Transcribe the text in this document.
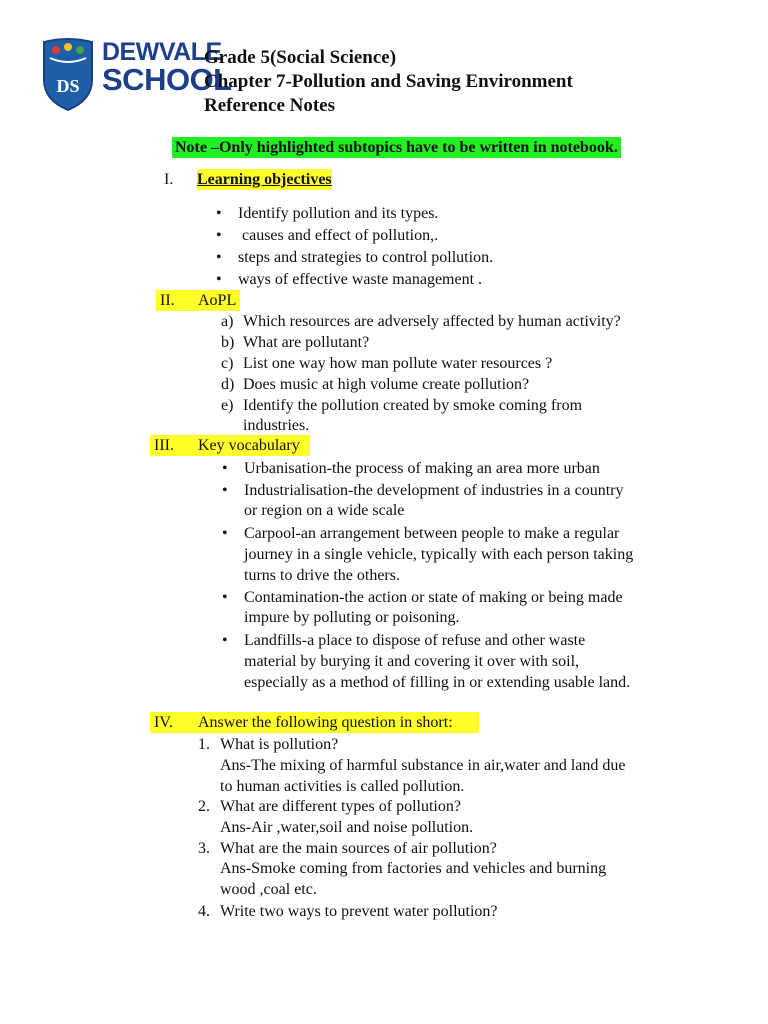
DS
DEWVALE
SCHOOL
Grade 5(Social Science)
Chapter 7-Pollution and Saving Environment
Reference Notes
Note –Only highlighted subtopics have to be written in notebook.
I. Learning objectives
• Identify pollution and its types.
• causes and effect of pollution,.
• steps and strategies to control pollution.
• ways of effective waste management .
II. AoPL

a) Which resources are adversely affected by human activity?
b) What are pollutant?
c) List one way how man pollute water resources ?
d) Does music at high volume create pollution?
e) Identify the pollution created by smoke coming from
industries.
III. Key vocabulary

• Urbanisation-the process of making an area more urban
• Industrialisation-the development of industries in a country
or region on a wide scale
• Carpool-an arrangement between people to make a regular
journey in a single vehicle, typically with each person taking
turns to drive the others.
• Contamination-the action or state of making or being made
impure by polluting or poisoning.
• Landfills-a place to dispose of refuse and other waste
material by burying it and covering it over with soil,
especially as a method of filling in or extending usable land.
IV. Answer the following question in short:

1. What is pollution?
Ans-The mixing of harmful substance in air,water and land due
to human activities is called pollution.
2. What are different types of pollution?
Ans-Air ,water,soil and noise pollution.
3. What are the main sources of air pollution?
Ans-Smoke coming from factories and vehicles and burning
wood ,coal etc.
4. Write two ways to prevent water pollution?
